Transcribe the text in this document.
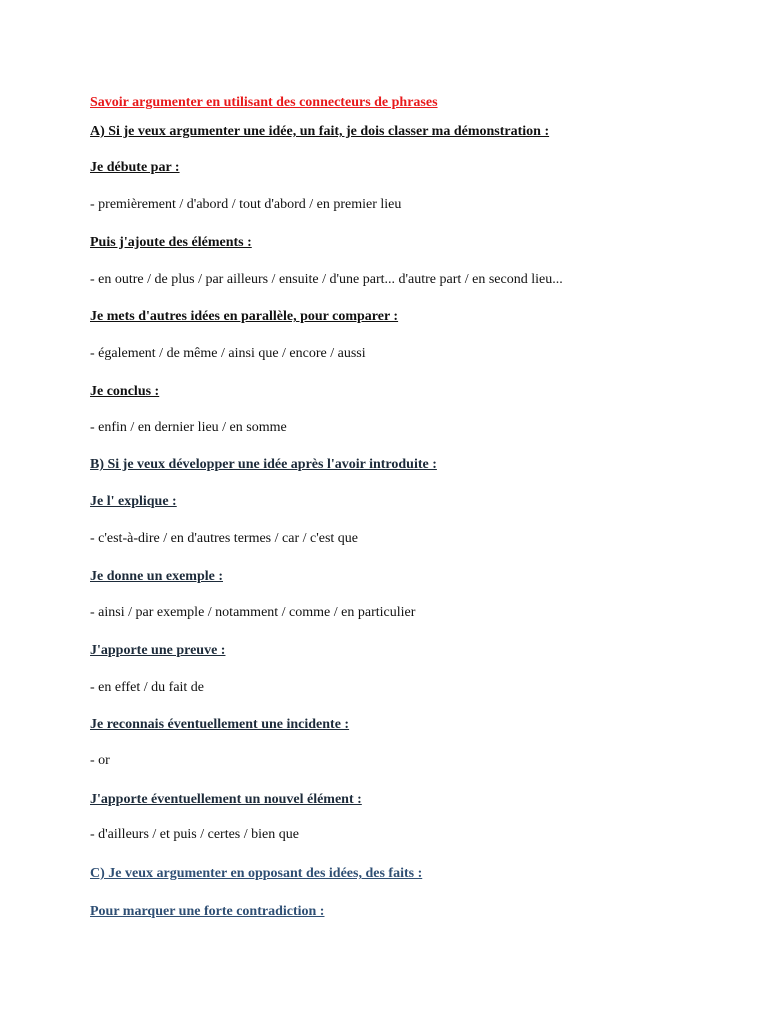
Savoir argumenter en utilisant des connecteurs de phrases
A) Si je veux argumenter une idée, un fait, je dois classer ma démonstration :
Je débute par :
- premièrement / d'abord / tout d'abord / en premier lieu
Puis j'ajoute des éléments :
- en outre / de plus / par ailleurs / ensuite / d'une part... d'autre part / en second lieu...
Je mets d'autres idées en parallèle, pour comparer :
- également / de même / ainsi que / encore / aussi
Je conclus :
- enfin / en dernier lieu / en somme
B) Si je veux développer une idée après l'avoir introduite :
Je l' explique :
- c'est-à-dire / en d'autres termes / car / c'est que
Je donne un exemple :
- ainsi / par exemple / notamment / comme / en particulier
J'apporte une preuve :
- en effet / du fait de
Je reconnais éventuellement une incidente :
- or
J'apporte éventuellement un nouvel élément :
- d'ailleurs / et puis / certes / bien que
C) Je veux argumenter en opposant des idées, des faits :
Pour marquer une forte contradiction :
